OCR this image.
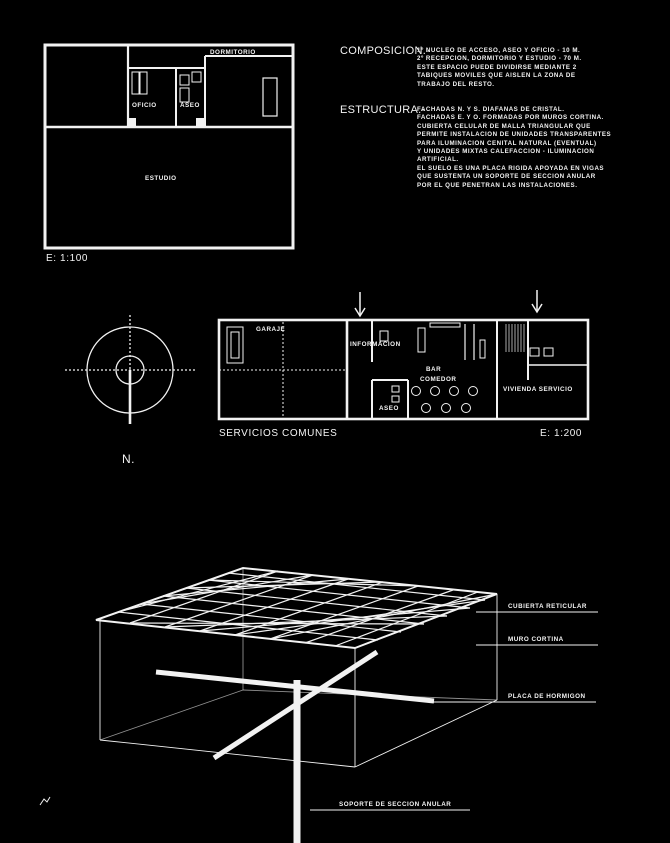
DORMITORIO
OFICIO	ASEO
ESTUDIO
E: 1:100
COMPOSICION.-
1º NUCLEO DE ACCESO, ASEO Y OFICIO - 10 M.
2º RECEPCION, DORMITORIO Y ESTUDIO - 70 M.
ESTE ESPACIO PUEDE DIVIDIRSE MEDIANTE 2
TABIQUES MOVILES QUE AISLEN LA ZONA DE
TRABAJO DEL RESTO.
ESTRUCTURA.-
FACHADAS N. Y S. DIAFANAS DE CRISTAL.
FACHADAS E. Y O. FORMADAS POR MUROS CORTINA.
CUBIERTA CELULAR DE MALLA TRIANGULAR QUE
PERMITE INSTALACION DE UNIDADES TRANSPARENTES
PARA ILUMINACION CENITAL NATURAL (EVENTUAL)
Y UNIDADES MIXTAS CALEFACCION - ILUMINACION
ARTIFICIAL.
EL SUELO ES UNA PLACA RIGIDA APOYADA EN VIGAS
QUE SUSTENTA UN SOPORTE DE SECCION ANULAR
POR EL QUE PENETRAN LAS INSTALACIONES.
N.
GARAJE
INFORMACION
BAR
COMEDOR
ASEO
VIVIENDA SERVICIO
SERVICIOS COMUNES	E: 1:200
CUBIERTA RETICULAR
MURO CORTINA
PLACA DE HORMIGON
SOPORTE DE SECCION ANULAR
